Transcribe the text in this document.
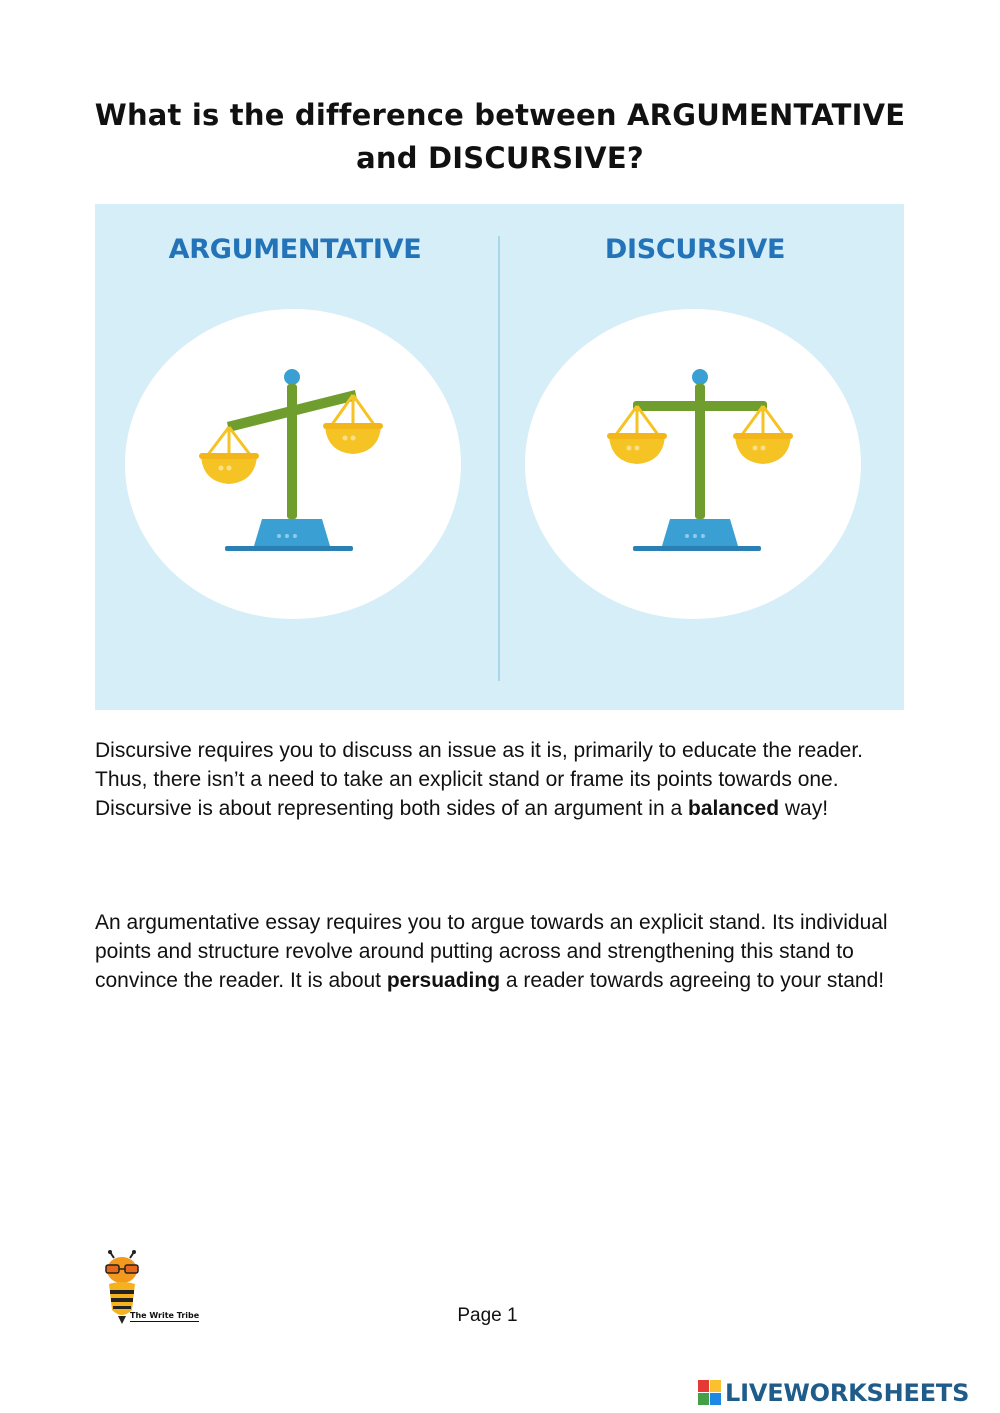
What is the difference between ARGUMENTATIVE
and DISCURSIVE?
ARGUMENTATIVE	DISCURSIVE
Discursive requires you to discuss an issue as it is, primarily to educate the reader. Thus, there isn’t a need to take an explicit stand or frame its points towards one. Discursive is about representing both sides of an argument in a balanced way!
An argumentative essay requires you to argue towards an explicit stand. Its individual points and structure revolve around putting across and strengthening this stand to convince the reader. It is about persuading a reader towards agreeing to your stand!
The Write Tribe	Page 1
LIVEWORKSHEETS
